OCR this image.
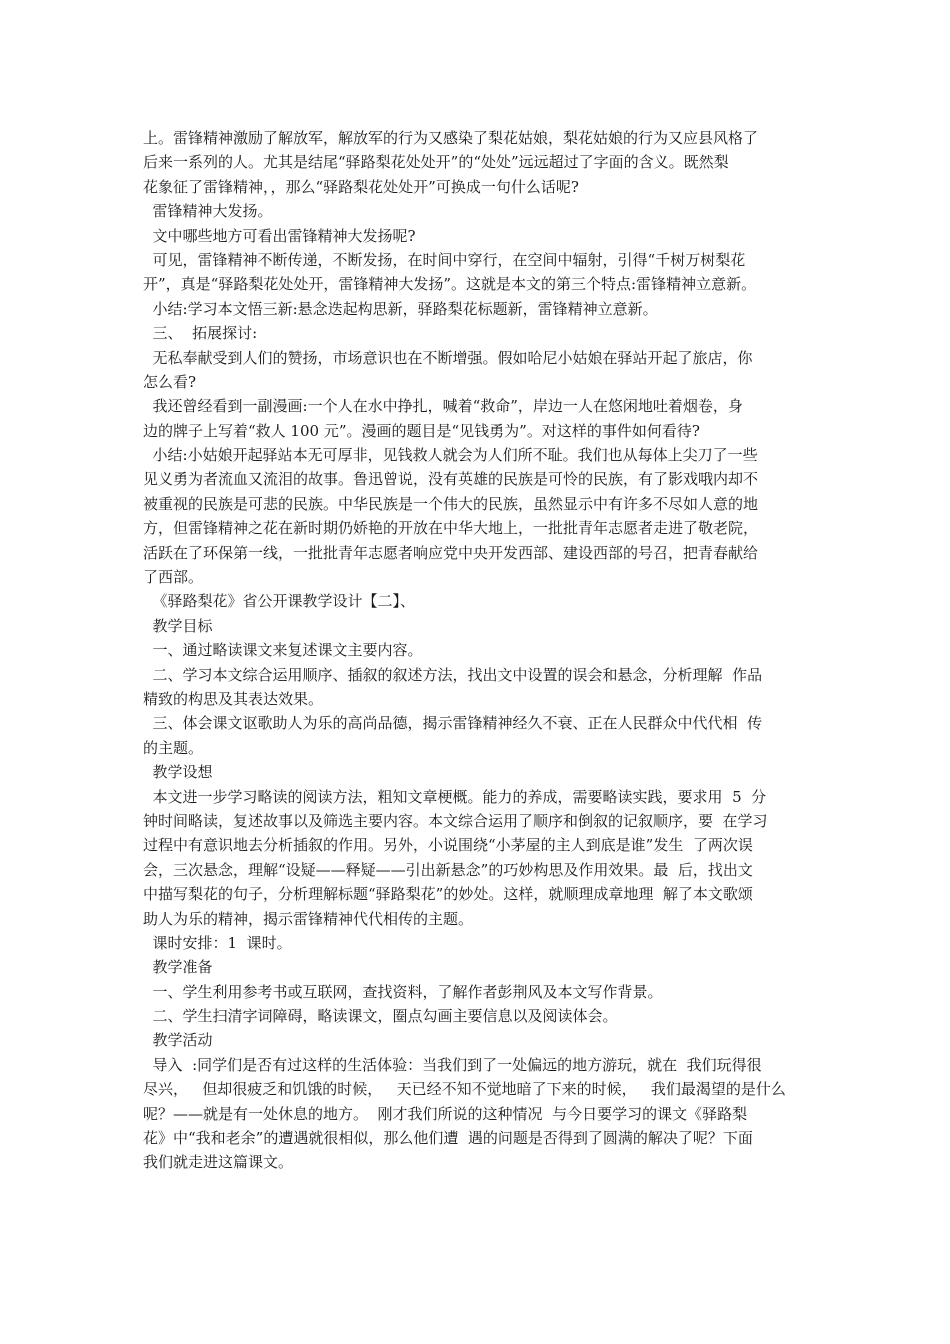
上。雷锋精神激励了解放军，解放军的行为又感染了梨花姑娘，梨花姑娘的行为又应县风格了
后来一系列的人。尤其是结尾“驿路梨花处处开”的“处处”远远超过了字面的含义。既然梨
花象征了雷锋精神，，那么“驿路梨花处处开”可换成一句什么话呢?
雷锋精神大发扬。
文中哪些地方可看出雷锋精神大发扬呢?
可见，雷锋精神不断传递，不断发扬，在时间中穿行，在空间中辐射，引得“千树万树梨花
开”，真是“驿路梨花处处开，雷锋精神大发扬”。这就是本文的第三个特点:雷锋精神立意新。
小结:学习本文悟三新:悬念迭起构思新，驿路梨花标题新，雷锋精神立意新。
三、  拓展探讨:
无私奉献受到人们的赞扬，市场意识也在不断增强。假如哈尼小姑娘在驿站开起了旅店，你
怎么看?
我还曾经看到一副漫画:一个人在水中挣扎，喊着“救命”，岸边一人在悠闲地吐着烟卷，身
边的牌子上写着“救人 100 元”。漫画的题目是“见钱勇为”。对这样的事件如何看待?
小结:小姑娘开起驿站本无可厚非，见钱救人就会为人们所不耻。我们也从每体上尖刀了一些
见义勇为者流血又流泪的故事。鲁迅曾说，没有英雄的民族是可怜的民族，有了影戏哦内却不
被重视的民族是可悲的民族。中华民族是一个伟大的民族，虽然显示中有许多不尽如人意的地
方，但雷锋精神之花在新时期仍娇艳的开放在中华大地上，一批批青年志愿者走进了敬老院，
活跃在了环保第一线，一批批青年志愿者响应党中央开发西部、建设西部的号召，把青春献给
了西部。
《驿路梨花》省公开课教学设计【二】、
教学目标
一、通过略读课文来复述课文主要内容。
二、学习本文综合运用顺序、插叙的叙述方法，找出文中设置的误会和悬念，分析理解  作品
精致的构思及其表达效果。
三、体会课文讴歌助人为乐的高尚品德，揭示雷锋精神经久不衰、正在人民群众中代代相  传
的主题。
教学设想
本文进一步学习略读的阅读方法，粗知文章梗概。能力的养成，需要略读实践，要求用  5  分
钟时间略读，复述故事以及筛选主要内容。本文综合运用了顺序和倒叙的记叙顺序，要  在学习
过程中有意识地去分析插叙的作用。另外，小说围绕“小茅屋的主人到底是谁”发生  了两次误
会，三次悬念，理解“设疑——释疑——引出新悬念”的巧妙构思及作用效果。最  后，找出文
中描写梨花的句子，分析理解标题“驿路梨花”的妙处。这样，就顺理成章地理  解了本文歌颂
助人为乐的精神，揭示雷锋精神代代相传的主题。
课时安排：1  课时。
教学准备
一、学生利用参考书或互联网，查找资料，了解作者彭荆风及本文写作背景。
二、学生扫清字词障碍，略读课文，圈点勾画主要信息以及阅读体会。
教学活动
导入  :同学们是否有过这样的生活体验：当我们到了一处偏远的地方游玩，就在  我们玩得很
尽兴，   但却很疲乏和饥饿的时候，   天已经不知不觉地暗了下来的时候，   我们最渴望的是什么
呢？——就是有一处休息的地方。  刚才我们所说的这种情况  与今日要学习的课文《驿路梨
花》中“我和老余”的遭遇就很相似，那么他们遭  遇的问题是否得到了圆满的解决了呢？下面
我们就走进这篇课文。
